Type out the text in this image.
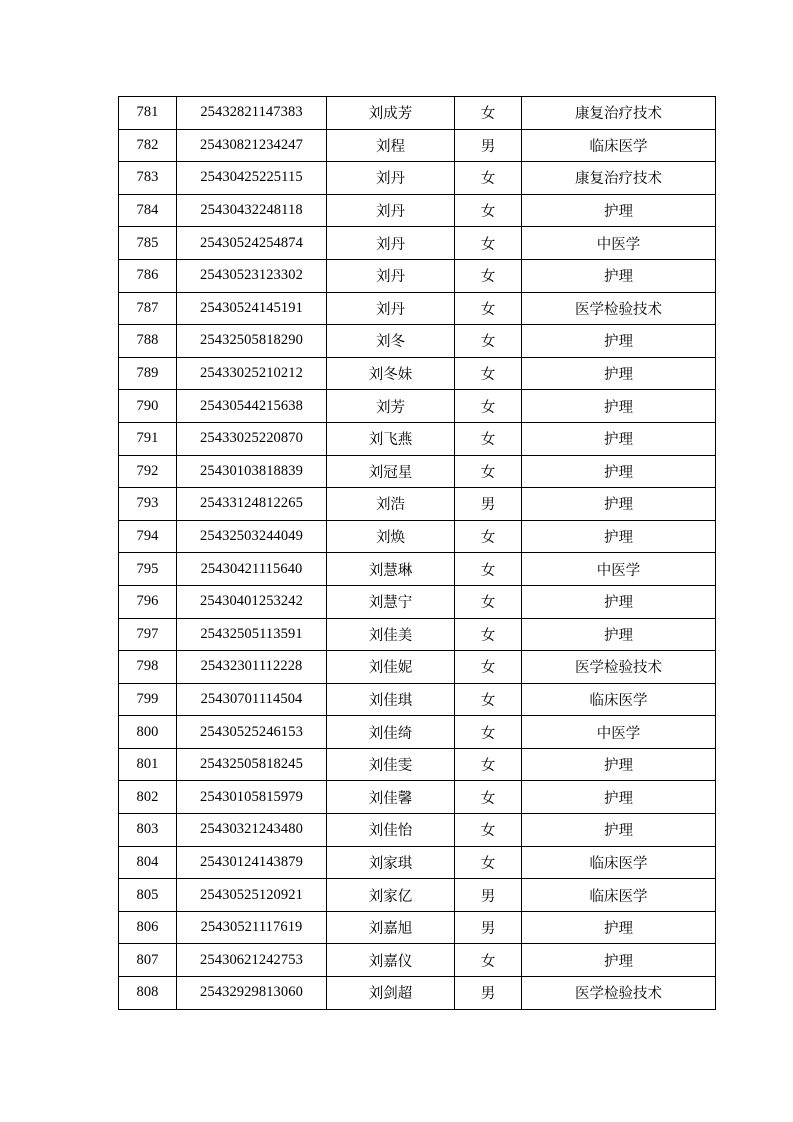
781	25432821147383	刘成芳	女	康复治疗技术
782	25430821234247	刘程	男	临床医学
783	25430425225115	刘丹	女	康复治疗技术
784	25430432248118	刘丹	女	护理
785	25430524254874	刘丹	女	中医学
786	25430523123302	刘丹	女	护理
787	25430524145191	刘丹	女	医学检验技术
788	25432505818290	刘冬	女	护理
789	25433025210212	刘冬妹	女	护理
790	25430544215638	刘芳	女	护理
791	25433025220870	刘飞燕	女	护理
792	25430103818839	刘冠星	女	护理
793	25433124812265	刘浩	男	护理
794	25432503244049	刘焕	女	护理
795	25430421115640	刘慧琳	女	中医学
796	25430401253242	刘慧宁	女	护理
797	25432505113591	刘佳美	女	护理
798	25432301112228	刘佳妮	女	医学检验技术
799	25430701114504	刘佳琪	女	临床医学
800	25430525246153	刘佳绮	女	中医学
801	25432505818245	刘佳雯	女	护理
802	25430105815979	刘佳馨	女	护理
803	25430321243480	刘佳怡	女	护理
804	25430124143879	刘家琪	女	临床医学
805	25430525120921	刘家亿	男	临床医学
806	25430521117619	刘嘉旭	男	护理
807	25430621242753	刘嘉仪	女	护理
808	25432929813060	刘剑超	男	医学检验技术
